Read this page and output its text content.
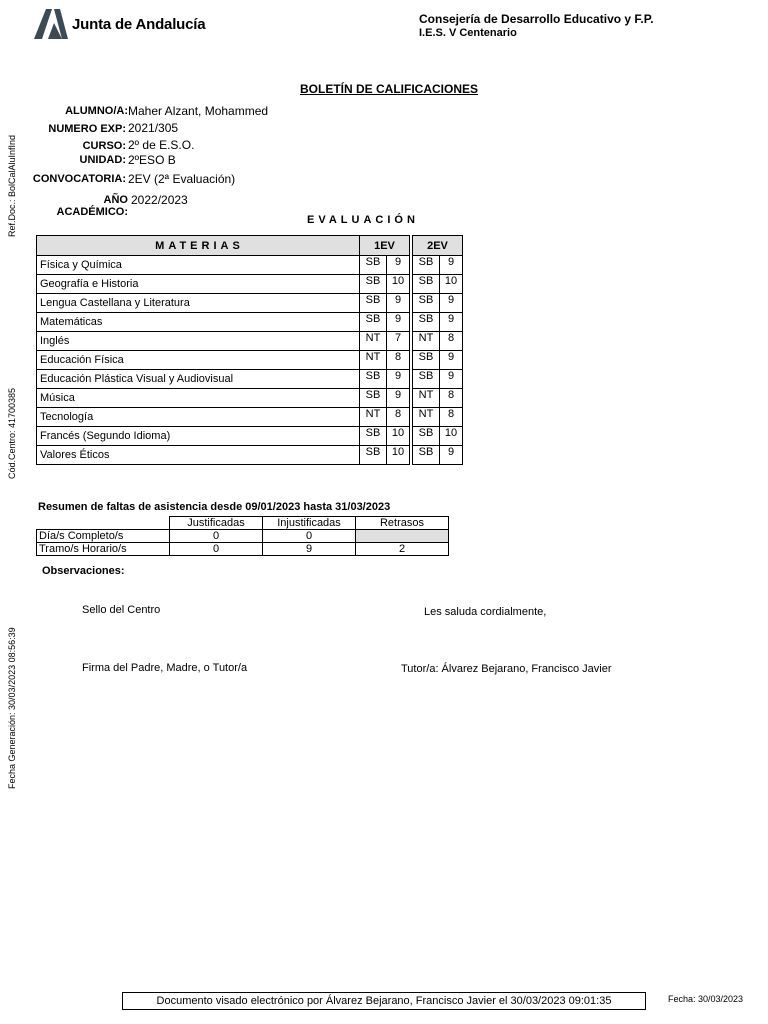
Junta de Andalucía	Consejería de Desarrollo Educativo y F.P.
I.E.S. V Centenario
BOLETÍN DE CALIFICACIONES
ALUMNO/A: Maher Alzant, Mohammed
NUMERO EXP: 2021/305
CURSO: 2º de E.S.O.
UNIDAD: 2ºESO B
CONVOCATORIA: 2EV (2ª Evaluación)
AÑO ACADÉMICO:
2022/2023
EVALUACIÓN
MATERIAS	1EV		2EV
Física y Química	SB 9		SB 9

Geografía e Historia	SB 10		SB 10

Lengua Castellana y Literatura	SB 9		SB 9

Matemáticas	SB 9		SB 9

Inglés	NT 7		NT 8

Educación Física	NT 8		SB 9

Educación Plástica Visual y Audiovisual	SB 9		SB 9

Música	SB 9		NT 8

Tecnología	NT 8		NT 8

Francés (Segundo Idioma)	SB 10		SB 10

Valores Éticos	SB 10		SB 9
Resumen de faltas de asistencia desde 09/01/2023 hasta 31/03/2023
	Justificadas	Injustificadas	Retrasos
Día/s Completo/s	0	0	
Tramo/s Horario/s	0	9	2
Observaciones:
Sello del Centro	Les saluda cordialmente,
Firma del Padre, Madre, o Tutor/a	Tutor/a: Álvarez Bejarano, Francisco Javier
Ref.Doc.: BolCalAluInfInd
Cód.Centro: 41700385
Fecha Generación: 30/03/2023 08:56:39
Documento visado electrónico por Álvarez Bejarano, Francisco Javier el 30/03/2023 09:01:35	Fecha: 30/03/2023
